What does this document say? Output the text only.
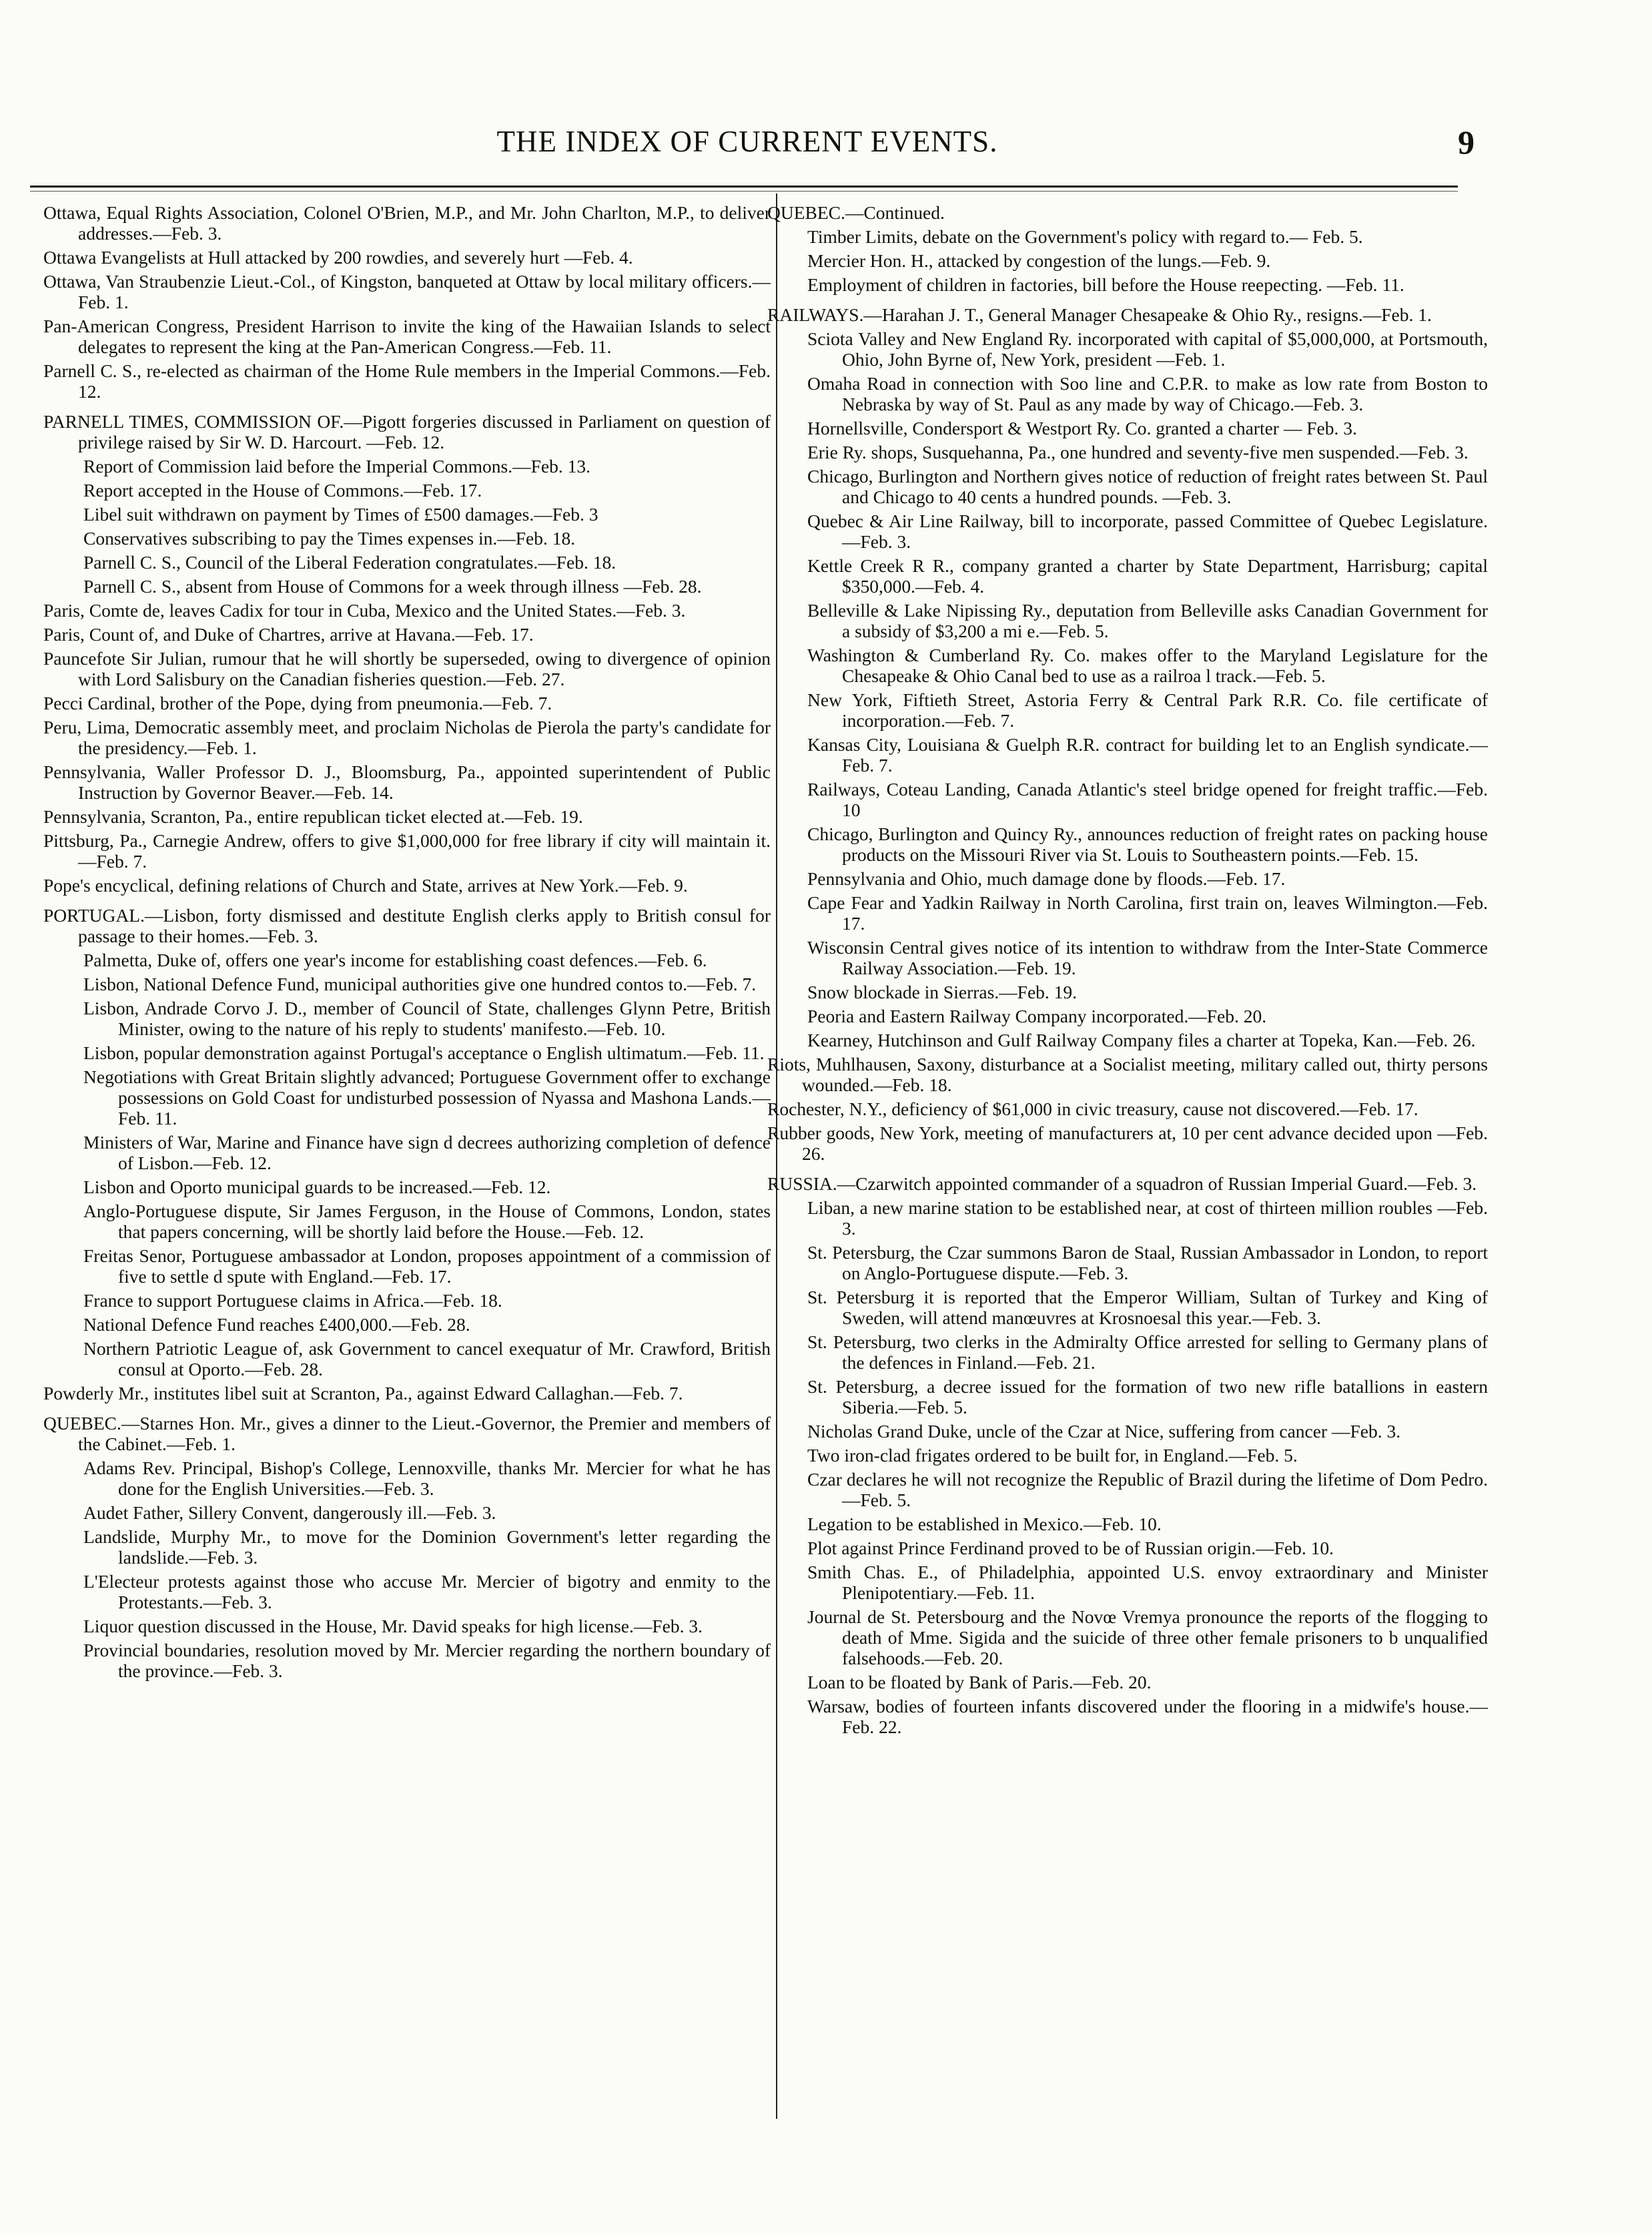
THE INDEX OF CURRENT EVENTS.	9
Ottawa, Equal Rights Association, Colonel O'Brien, M.P., and Mr. John Charlton, M.P., to deliver addresses.—Feb. 3.
Ottawa Evangelists at Hull attacked by 200 rowdies, and severely hurt —Feb. 4.
Ottawa, Van Straubenzie Lieut.-Col., of Kingston, banqueted at Ottaw by local military officers.—Feb. 1.
Pan-American Congress, President Harrison to invite the king of the Hawaiian Islands to select delegates to represent the king at the Pan-American Congress.—Feb. 11.
Parnell C. S., re-elected as chairman of the Home Rule members in the Imperial Commons.—Feb. 12.
PARNELL TIMES, COMMISSION OF.—Pigott forgeries discussed in Parliament on question of privilege raised by Sir W. D. Harcourt. —Feb. 12.
Report of Commission laid before the Imperial Commons.—Feb. 13.
Report accepted in the House of Commons.—Feb. 17.
Libel suit withdrawn on payment by Times of £500 damages.—Feb. 3
Conservatives subscribing to pay the Times expenses in.—Feb. 18.
Parnell C. S., Council of the Liberal Federation congratulates.—Feb. 18.
Parnell C. S., absent from House of Commons for a week through illness —Feb. 28.
Paris, Comte de, leaves Cadix for tour in Cuba, Mexico and the United States.—Feb. 3.
Paris, Count of, and Duke of Chartres, arrive at Havana.—Feb. 17.
Pauncefote Sir Julian, rumour that he will shortly be superseded, owing to divergence of opinion with Lord Salisbury on the Canadian fisheries question.—Feb. 27.
Pecci Cardinal, brother of the Pope, dying from pneumonia.—Feb. 7.
Peru, Lima, Democratic assembly meet, and proclaim Nicholas de Pierola the party's candidate for the presidency.—Feb. 1.
Pennsylvania, Waller Professor D. J., Bloomsburg, Pa., appointed superintendent of Public Instruction by Governor Beaver.—Feb. 14.
Pennsylvania, Scranton, Pa., entire republican ticket elected at.—Feb. 19.
Pittsburg, Pa., Carnegie Andrew, offers to give $1,000,000 for free library if city will maintain it.—Feb. 7.
Pope's encyclical, defining relations of Church and State, arrives at New York.—Feb. 9.
PORTUGAL.—Lisbon, forty dismissed and destitute English clerks apply to British consul for passage to their homes.—Feb. 3.
Palmetta, Duke of, offers one year's income for establishing coast defences.—Feb. 6.
Lisbon, National Defence Fund, municipal authorities give one hundred contos to.—Feb. 7.
Lisbon, Andrade Corvo J. D., member of Council of State, challenges Glynn Petre, British Minister, owing to the nature of his reply to students' manifesto.—Feb. 10.
Lisbon, popular demonstration against Portugal's acceptance o English ultimatum.—Feb. 11.
Negotiations with Great Britain slightly advanced; Portuguese Government offer to exchange possessions on Gold Coast for undisturbed possession of Nyassa and Mashona Lands.—Feb. 11.
Ministers of War, Marine and Finance have sign d decrees authorizing completion of defence of Lisbon.—Feb. 12.
Lisbon and Oporto municipal guards to be increased.—Feb. 12.
Anglo-Portuguese dispute, Sir James Ferguson, in the House of Commons, London, states that papers concerning, will be shortly laid before the House.—Feb. 12.
Freitas Senor, Portuguese ambassador at London, proposes appointment of a commission of five to settle d spute with England.—Feb. 17.
France to support Portuguese claims in Africa.—Feb. 18.
National Defence Fund reaches £400,000.—Feb. 28.
Northern Patriotic League of, ask Government to cancel exequatur of Mr. Crawford, British consul at Oporto.—Feb. 28.
Powderly Mr., institutes libel suit at Scranton, Pa., against Edward Callaghan.—Feb. 7.
QUEBEC.—Starnes Hon. Mr., gives a dinner to the Lieut.-Governor, the Premier and members of the Cabinet.—Feb. 1.
Adams Rev. Principal, Bishop's College, Lennoxville, thanks Mr. Mercier for what he has done for the English Universities.—Feb. 3.
Audet Father, Sillery Convent, dangerously ill.—Feb. 3.
Landslide, Murphy Mr., to move for the Dominion Government's letter regarding the landslide.—Feb. 3.
L'Electeur protests against those who accuse Mr. Mercier of bigotry and enmity to the Protestants.—Feb. 3.
Liquor question discussed in the House, Mr. David speaks for high license.—Feb. 3.
Provincial boundaries, resolution moved by Mr. Mercier regarding the northern boundary of the province.—Feb. 3.
QUEBEC.—Continued.
Timber Limits, debate on the Government's policy with regard to.— Feb. 5.
Mercier Hon. H., attacked by congestion of the lungs.—Feb. 9.
Employment of children in factories, bill before the House reepecting. —Feb. 11.
RAILWAYS.—Harahan J. T., General Manager Chesapeake & Ohio Ry., resigns.—Feb. 1.
Sciota Valley and New England Ry. incorporated with capital of $5,000,000, at Portsmouth, Ohio, John Byrne of, New York, president —Feb. 1.
Omaha Road in connection with Soo line and C.P.R. to make as low rate from Boston to Nebraska by way of St. Paul as any made by way of Chicago.—Feb. 3.
Hornellsville, Condersport & Westport Ry. Co. granted a charter — Feb. 3.
Erie Ry. shops, Susquehanna, Pa., one hundred and seventy-five men suspended.—Feb. 3.
Chicago, Burlington and Northern gives notice of reduction of freight rates between St. Paul and Chicago to 40 cents a hundred pounds. —Feb. 3.
Quebec & Air Line Railway, bill to incorporate, passed Committee of Quebec Legislature.—Feb. 3.
Kettle Creek R R., company granted a charter by State Department, Harrisburg; capital $350,000.—Feb. 4.
Belleville & Lake Nipissing Ry., deputation from Belleville asks Canadian Government for a subsidy of $3,200 a mi e.—Feb. 5.
Washington & Cumberland Ry. Co. makes offer to the Maryland Legislature for the Chesapeake & Ohio Canal bed to use as a railroa l track.—Feb. 5.
New York, Fiftieth Street, Astoria Ferry & Central Park R.R. Co. file certificate of incorporation.—Feb. 7.
Kansas City, Louisiana & Guelph R.R. contract for building let to an English syndicate.—Feb. 7.
Railways, Coteau Landing, Canada Atlantic's steel bridge opened for freight traffic.—Feb. 10
Chicago, Burlington and Quincy Ry., announces reduction of freight rates on packing house products on the Missouri River via St. Louis to Southeastern points.—Feb. 15.
Pennsylvania and Ohio, much damage done by floods.—Feb. 17.
Cape Fear and Yadkin Railway in North Carolina, first train on, leaves Wilmington.—Feb. 17.
Wisconsin Central gives notice of its intention to withdraw from the Inter-State Commerce Railway Association.—Feb. 19.
Snow blockade in Sierras.—Feb. 19.
Peoria and Eastern Railway Company incorporated.—Feb. 20.
Kearney, Hutchinson and Gulf Railway Company files a charter at Topeka, Kan.—Feb. 26.
Riots, Muhlhausen, Saxony, disturbance at a Socialist meeting, military called out, thirty persons wounded.—Feb. 18.
Rochester, N.Y., deficiency of $61,000 in civic treasury, cause not discovered.—Feb. 17.
Rubber goods, New York, meeting of manufacturers at, 10 per cent advance decided upon —Feb. 26.
RUSSIA.—Czarwitch appointed commander of a squadron of Russian Imperial Guard.—Feb. 3.
Liban, a new marine station to be established near, at cost of thirteen million roubles —Feb. 3.
St. Petersburg, the Czar summons Baron de Staal, Russian Ambassador in London, to report on Anglo-Portuguese dispute.—Feb. 3.
St. Petersburg it is reported that the Emperor William, Sultan of Turkey and King of Sweden, will attend manœuvres at Krosnoesal this year.—Feb. 3.
St. Petersburg, two clerks in the Admiralty Office arrested for selling to Germany plans of the defences in Finland.—Feb. 21.
St. Petersburg, a decree issued for the formation of two new rifle batallions in eastern Siberia.—Feb. 5.
Nicholas Grand Duke, uncle of the Czar at Nice, suffering from cancer —Feb. 3.
Two iron-clad frigates ordered to be built for, in England.—Feb. 5.
Czar declares he will not recognize the Republic of Brazil during the lifetime of Dom Pedro.—Feb. 5.
Legation to be established in Mexico.—Feb. 10.
Plot against Prince Ferdinand proved to be of Russian origin.—Feb. 10.
Smith Chas. E., of Philadelphia, appointed U.S. envoy extraordinary and Minister Plenipotentiary.—Feb. 11.
Journal de St. Petersbourg and the Novœ Vremya pronounce the reports of the flogging to death of Mme. Sigida and the suicide of three other female prisoners to b unqualified falsehoods.—Feb. 20.
Loan to be floated by Bank of Paris.—Feb. 20.
Warsaw, bodies of fourteen infants discovered under the flooring in a midwife's house.—Feb. 22.
